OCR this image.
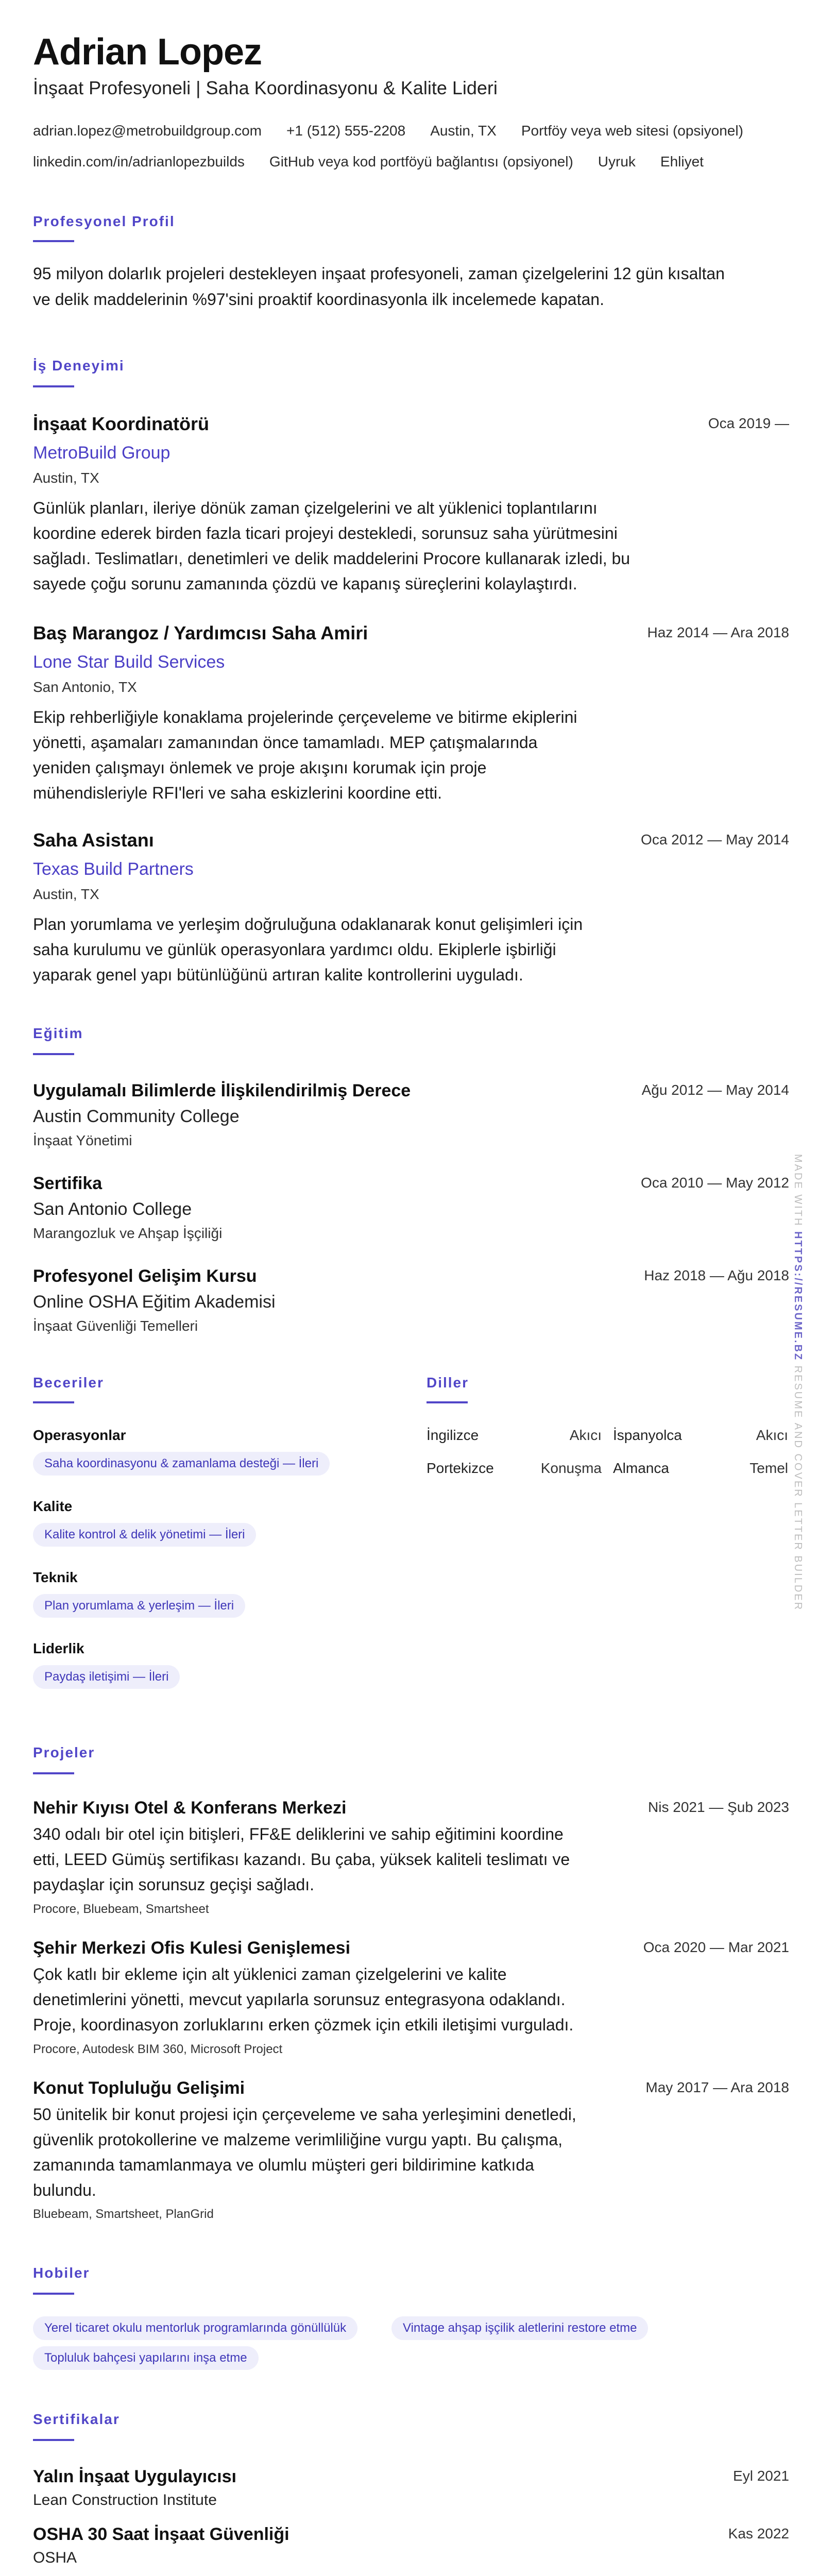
Adrian Lopez
İnşaat Profesyoneli | Saha Koordinasyonu & Kalite Lideri
adrian.lopez@metrobuildgroup.com +1 (512) 555-2208 Austin, TX Portföy veya web sitesi (opsiyonel)
linkedin.com/in/adrianlopezbuilds GitHub veya kod portföyü bağlantısı (opsiyonel) Uyruk Ehliyet
Profesyonel Profil
95 milyon dolarlık projeleri destekleyen inşaat profesyoneli, zaman çizelgelerini 12 gün kısaltan
ve delik maddelerinin %97'sini proaktif koordinasyonla ilk incelemede kapatan.
İş Deneyimi
İnşaat Koordinatörü	Oca 2019 —
MetroBuild Group
Austin, TX
Günlük planları, ileriye dönük zaman çizelgelerini ve alt yüklenici toplantılarını
koordine ederek birden fazla ticari projeyi destekledi, sorunsuz saha yürütmesini
sağladı. Teslimatları, denetimleri ve delik maddelerini Procore kullanarak izledi, bu
sayede çoğu sorunu zamanında çözdü ve kapanış süreçlerini kolaylaştırdı.
Baş Marangoz / Yardımcısı Saha Amiri	Haz 2014 — Ara 2018
Lone Star Build Services
San Antonio, TX
Ekip rehberliğiyle konaklama projelerinde çerçeveleme ve bitirme ekiplerini
yönetti, aşamaları zamanından önce tamamladı. MEP çatışmalarında
yeniden çalışmayı önlemek ve proje akışını korumak için proje
mühendisleriyle RFI'leri ve saha eskizlerini koordine etti.
Saha Asistanı	Oca 2012 — May 2014
Texas Build Partners
Austin, TX
Plan yorumlama ve yerleşim doğruluğuna odaklanarak konut gelişimleri için
saha kurulumu ve günlük operasyonlara yardımcı oldu. Ekiplerle işbirliği
yaparak genel yapı bütünlüğünü artıran kalite kontrollerini uyguladı.
Eğitim
Uygulamalı Bilimlerde İlişkilendirilmiş Derece	Ağu 2012 — May 2014
Austin Community College
İnşaat Yönetimi
Sertifika	Oca 2010 — May 2012
San Antonio College
Marangozluk ve Ahşap İşçiliği
Profesyonel Gelişim Kursu	Haz 2018 — Ağu 2018
Online OSHA Eğitim Akademisi
İnşaat Güvenliği Temelleri
Beceriler
Operasyonlar
Saha koordinasyonu & zamanlama desteği — İleri
Kalite
Kalite kontrol & delik yönetimi — İleri
Teknik
Plan yorumlama & yerleşim — İleri
Liderlik
Paydaş iletişimi — İleri
Diller
İngilizce	Akıcı İspanyolca	Akıcı
Portekizce	Konuşma Almanca	Temel
Projeler
Nehir Kıyısı Otel & Konferans Merkezi	Nis 2021 — Şub 2023
340 odalı bir otel için bitişleri, FF&E deliklerini ve sahip eğitimini koordine
etti, LEED Gümüş sertifikası kazandı. Bu çaba, yüksek kaliteli teslimatı ve
paydaşlar için sorunsuz geçişi sağladı.
Procore, Bluebeam, Smartsheet
Şehir Merkezi Ofis Kulesi Genişlemesi	Oca 2020 — Mar 2021
Çok katlı bir ekleme için alt yüklenici zaman çizelgelerini ve kalite
denetimlerini yönetti, mevcut yapılarla sorunsuz entegrasyona odaklandı.
Proje, koordinasyon zorluklarını erken çözmek için etkili iletişimi vurguladı.
Procore, Autodesk BIM 360, Microsoft Project
Konut Topluluğu Gelişimi	May 2017 — Ara 2018
50 ünitelik bir konut projesi için çerçeveleme ve saha yerleşimini denetledi,
güvenlik protokollerine ve malzeme verimliliğine vurgu yaptı. Bu çalışma,
zamanında tamamlanmaya ve olumlu müşteri geri bildirimine katkıda
bulundu.
Bluebeam, Smartsheet, PlanGrid
Hobiler
Yerel ticaret okulu mentorluk programlarında gönüllülük	Vintage ahşap işçilik aletlerini restore etme
Topluluk bahçesi yapılarını inşa etme
Sertifikalar
Yalın İnşaat Uygulayıcısı	Eyl 2021
Lean Construction Institute
OSHA 30 Saat İnşaat Güvenliği	Kas 2022
OSHA
MADE WITH HTTPS://RESUME.BZ RESUME AND COVER LETTER BUILDER
